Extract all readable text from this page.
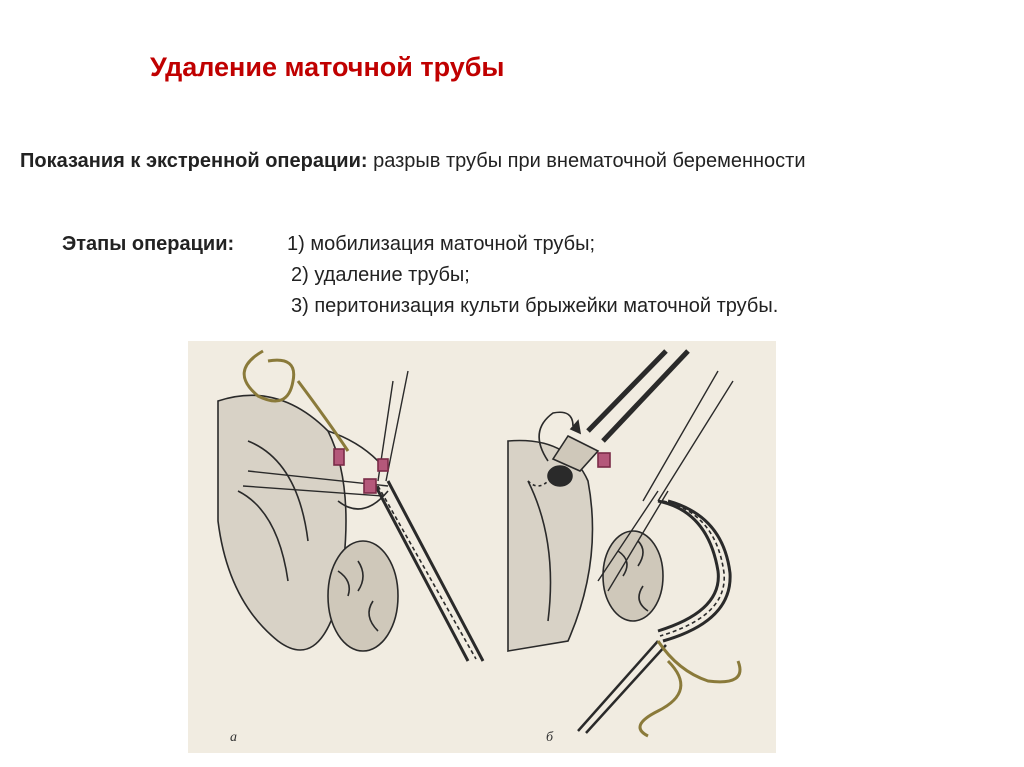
Удаление маточной трубы
Показания к экстренной операции: разрыв трубы при внематочной беременности
Этапы операции:	1) мобилизация маточной трубы;
2) удаление трубы;
3) перитонизация культи брыжейки маточной трубы.
а	б
